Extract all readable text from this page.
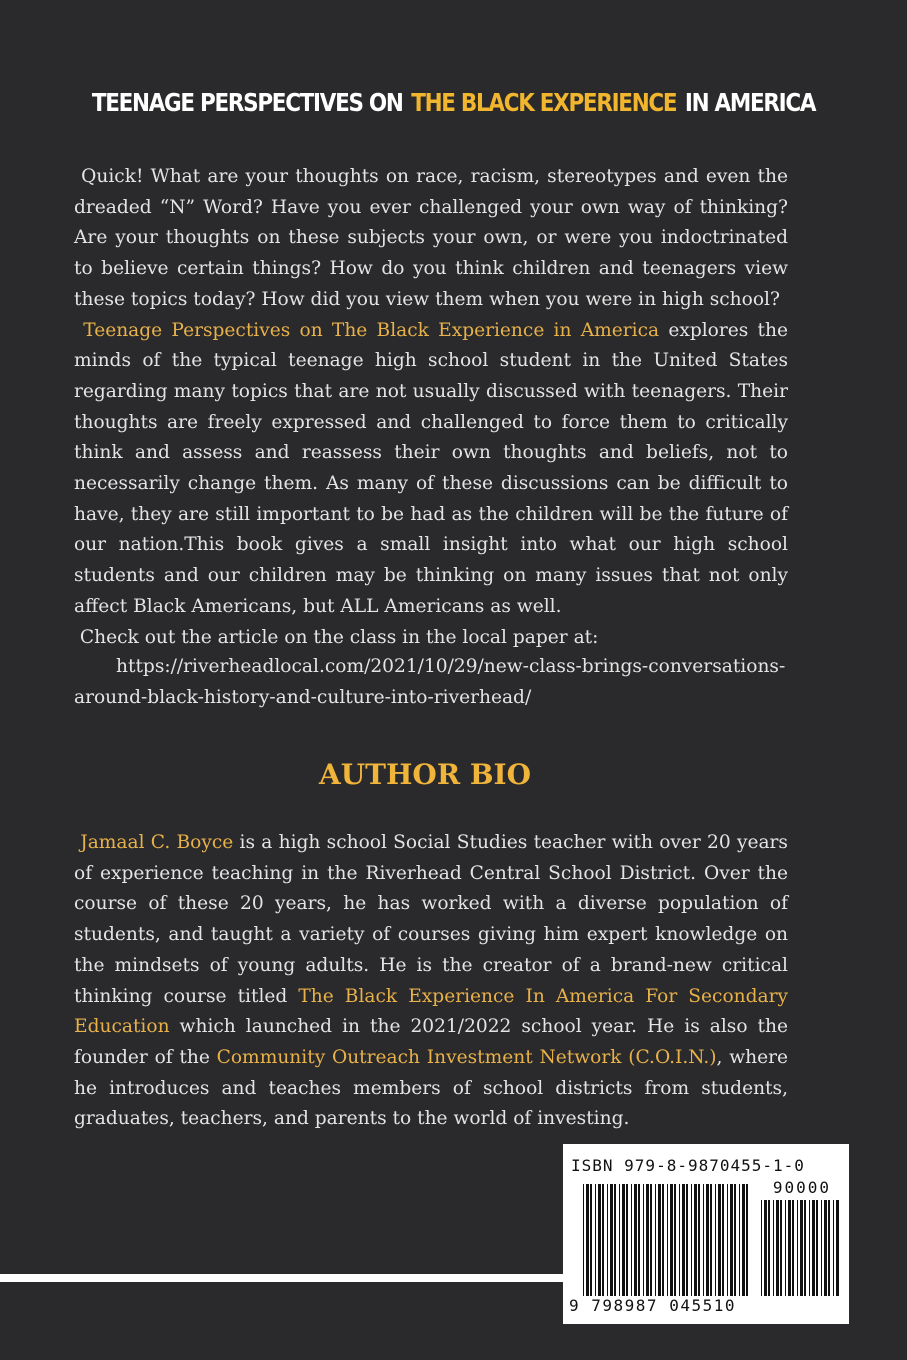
TEENAGE PERSPECTIVES ON THE BLACK EXPERIENCE IN AMERICA
Quick! What are your thoughts on race, racism, stereotypes and even the dreaded “N” Word? Have you ever challenged your own way of thinking? Are your thoughts on these subjects your own, or were you indoctrinated to believe certain things? How do you think children and teenagers view these topics today? How did you view them when you were in high school?
Teenage Perspectives on The Black Experience in America explores the minds of the typical teenage high school student in the United States regarding many topics that are not usually discussed with teenagers. Their thoughts are freely expressed and challenged to force them to critically think and assess and reassess their own thoughts and beliefs, not to necessarily change them. As many of these discussions can be difficult to have, they are still important to be had as the children will be the future of our nation.This book gives a small insight into what our high school students and our children may be thinking on many issues that not only affect Black Americans, but ALL Americans as well.
Check out the article on the class in the local paper at:
https://riverheadlocal.com/2021/10/29/new-class-brings-conversations-
around-black-history-and-culture-into-riverhead/
AUTHOR BIO
Jamaal C. Boyce is a high school Social Studies teacher with over 20 years of experience teaching in the Riverhead Central School District. Over the course of these 20 years, he has worked with a diverse population of students, and taught a variety of courses giving him expert knowledge on the mindsets of young adults. He is the creator of a brand-new critical thinking course titled The Black Experience In America For Secondary Education which launched in the 2021/2022 school year. He is also the founder of the Community Outreach Investment Network (C.O.I.N.), where he introduces and teaches members of school districts from students, graduates, teachers, and parents to the world of investing.
ISBN 979-8-9870455-1-0
90000
9 798987 045510
